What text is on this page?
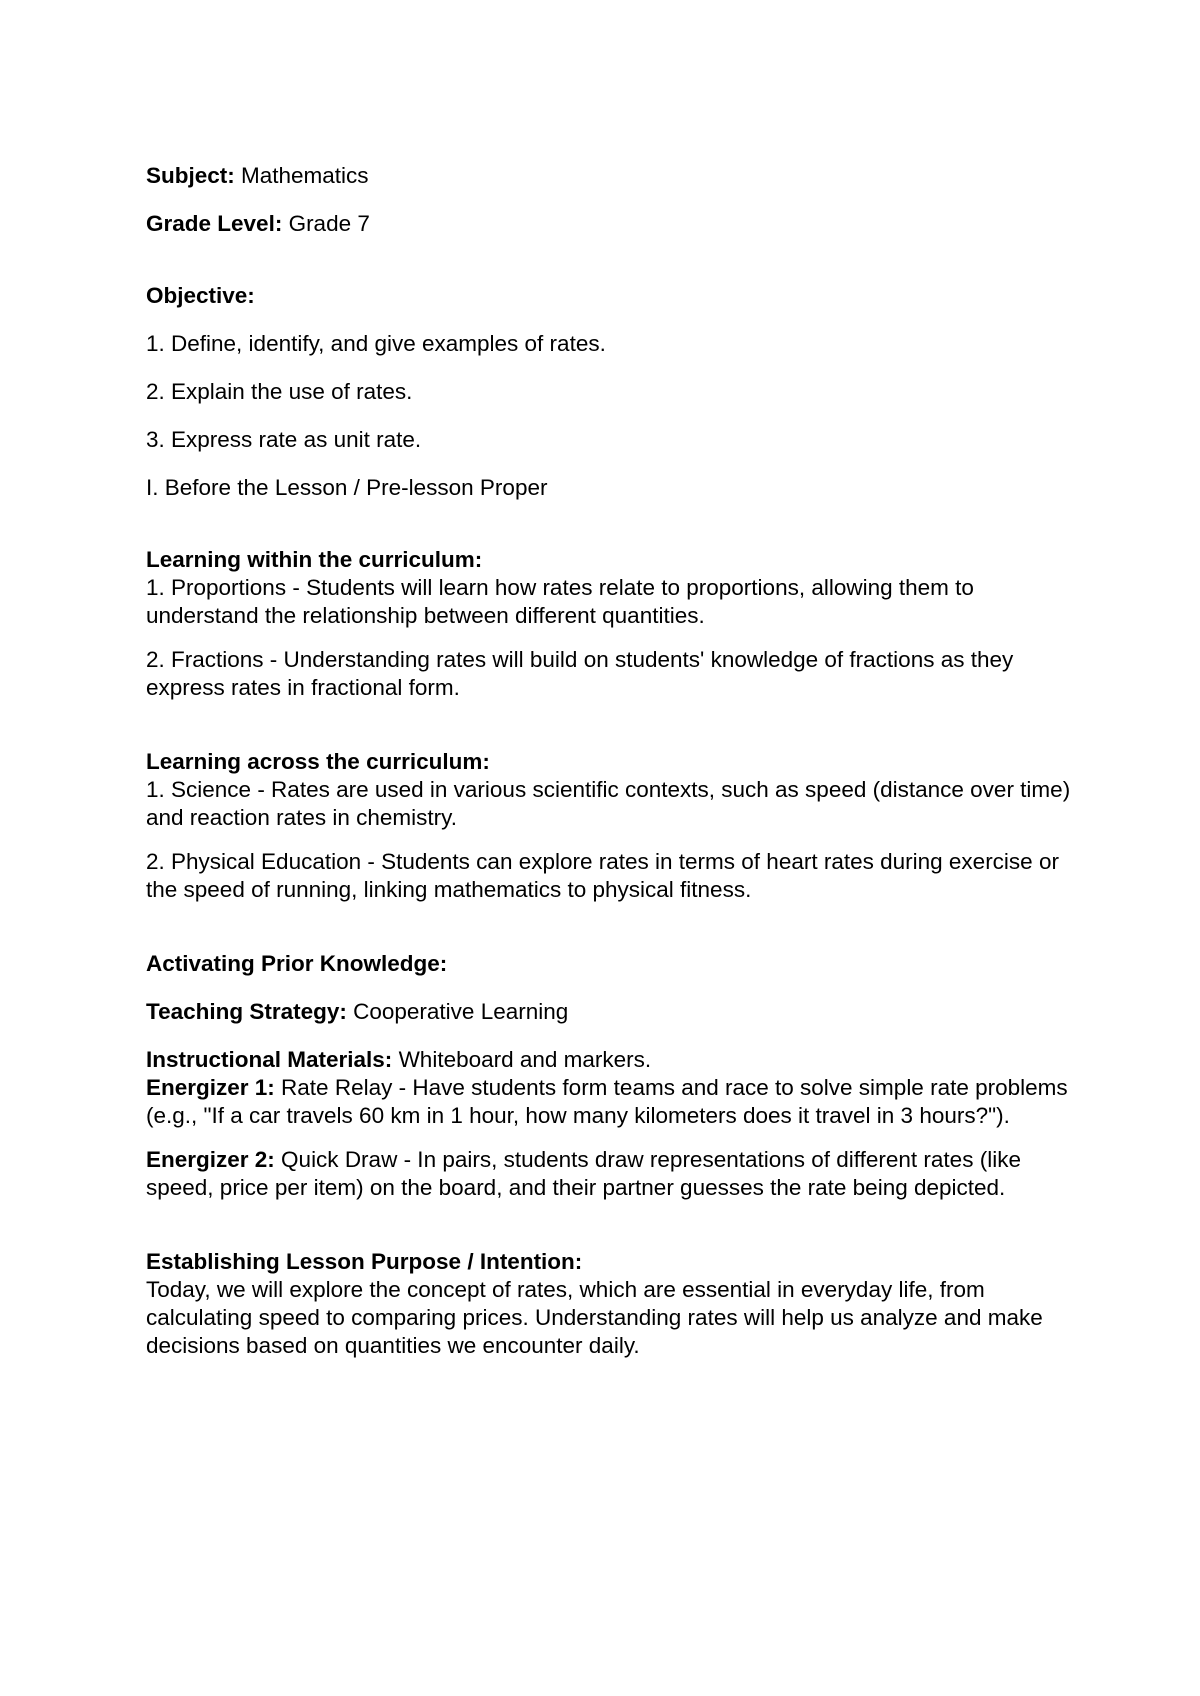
Subject: Mathematics

Grade Level: Grade 7

Objective:

1. Define, identify, and give examples of rates.

2. Explain the use of rates.

3. Express rate as unit rate.

I. Before the Lesson / Pre-lesson Proper

Learning within the curriculum:

1. Proportions - Students will learn how rates relate to proportions, allowing them to understand the relationship between different quantities.

2. Fractions - Understanding rates will build on students' knowledge of fractions as they express rates in fractional form.

Learning across the curriculum:

1. Science - Rates are used in various scientific contexts, such as speed (distance over time) and reaction rates in chemistry.

2. Physical Education - Students can explore rates in terms of heart rates during exercise or the speed of running, linking mathematics to physical fitness.

Activating Prior Knowledge:

Teaching Strategy: Cooperative Learning

Instructional Materials: Whiteboard and markers.

Energizer 1: Rate Relay - Have students form teams and race to solve simple rate problems (e.g., "If a car travels 60 km in 1 hour, how many kilometers does it travel in 3 hours?").

Energizer 2: Quick Draw - In pairs, students draw representations of different rates (like speed, price per item) on the board, and their partner guesses the rate being depicted.

Establishing Lesson Purpose / Intention:

Today, we will explore the concept of rates, which are essential in everyday life, from calculating speed to comparing prices. Understanding rates will help us analyze and make decisions based on quantities we encounter daily.
